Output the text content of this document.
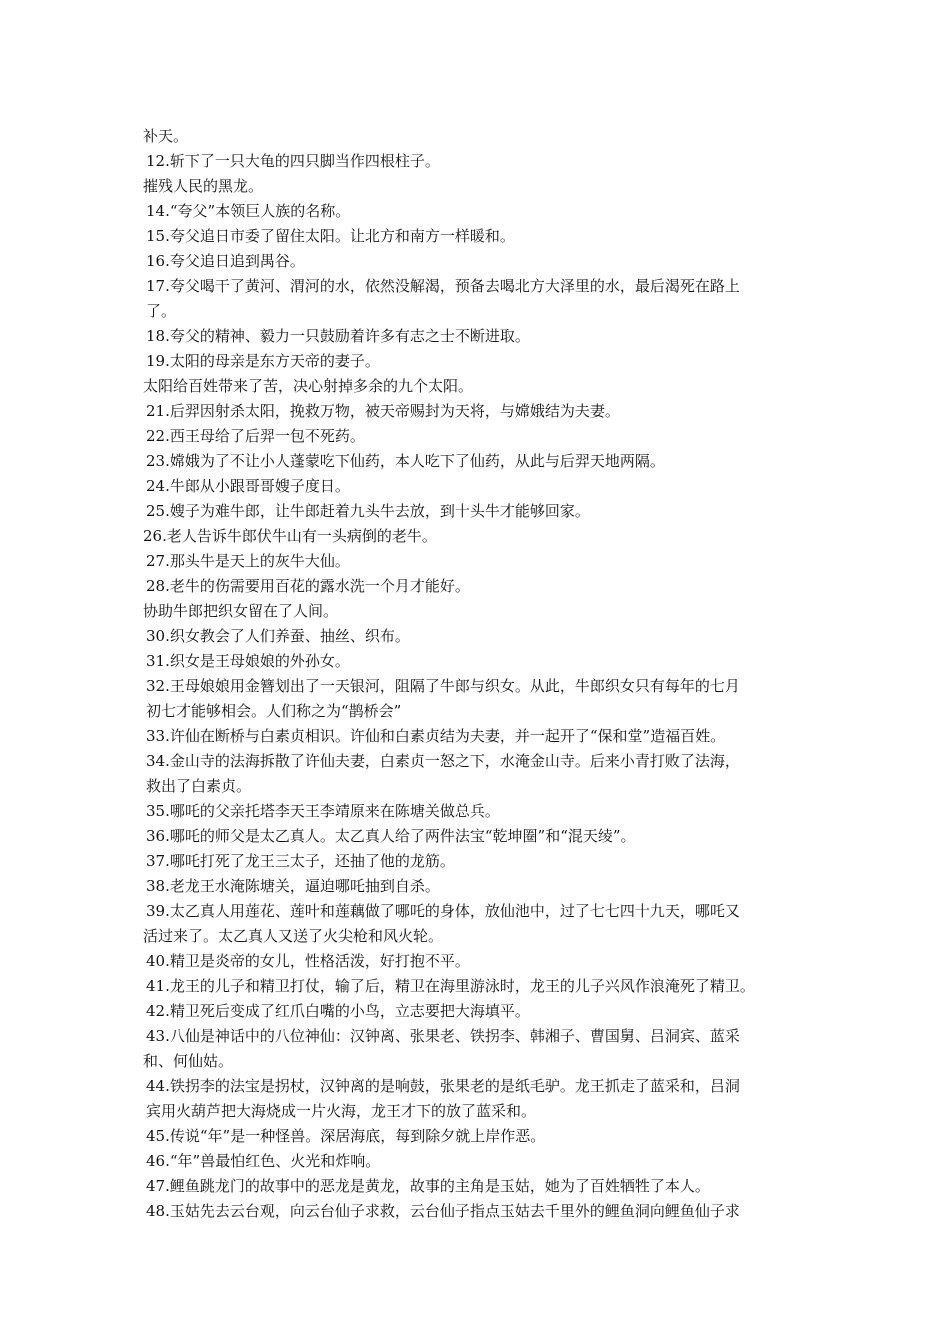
补天。
12.斩下了一只大龟的四只脚当作四根柱子。
摧残人民的黑龙。
14.“夸父”本领巨人族的名称。
15.夸父追日市委了留住太阳。让北方和南方一样暖和。
16.夸父追日追到禺谷。
17.夸父喝干了黄河、渭河的水，依然没解渴，预备去喝北方大泽里的水，最后渴死在路上
了。
18.夸父的精神、毅力一只鼓励着许多有志之士不断进取。
19.太阳的母亲是东方天帝的妻子。
太阳给百姓带来了苦，决心射掉多余的九个太阳。
21.后羿因射杀太阳，挽救万物，被天帝赐封为天将，与嫦娥结为夫妻。
22.西王母给了后羿一包不死药。
23.嫦娥为了不让小人蓬蒙吃下仙药，本人吃下了仙药，从此与后羿天地两隔。
24.牛郎从小跟哥哥嫂子度日。
25.嫂子为难牛郎，让牛郎赶着九头牛去放，到十头牛才能够回家。
26.老人告诉牛郎伏牛山有一头病倒的老牛。
27.那头牛是天上的灰牛大仙。
28.老牛的伤需要用百花的露水洗一个月才能好。
协助牛郎把织女留在了人间。
30.织女教会了人们养蚕、抽丝、织布。
31.织女是王母娘娘的外孙女。
32.王母娘娘用金簪划出了一天银河，阻隔了牛郎与织女。从此，牛郎织女只有每年的七月
初七才能够相会。人们称之为“鹊桥会”
33.许仙在断桥与白素贞相识。许仙和白素贞结为夫妻，并一起开了“保和堂”造福百姓。
34.金山寺的法海拆散了许仙夫妻，白素贞一怒之下，水淹金山寺。后来小青打败了法海，
救出了白素贞。
35.哪吒的父亲托塔李天王李靖原来在陈塘关做总兵。
36.哪吒的师父是太乙真人。太乙真人给了两件法宝“乾坤圈”和“混天绫”。
37.哪吒打死了龙王三太子，还抽了他的龙筋。
38.老龙王水淹陈塘关，逼迫哪吒抽到自杀。
39.太乙真人用莲花、莲叶和莲藕做了哪吒的身体，放仙池中，过了七七四十九天，哪吒又
活过来了。太乙真人又送了火尖枪和风火轮。
40.精卫是炎帝的女儿，性格活泼，好打抱不平。
41.龙王的儿子和精卫打仗，输了后，精卫在海里游泳时，龙王的儿子兴风作浪淹死了精卫。
42.精卫死后变成了红爪白嘴的小鸟，立志要把大海填平。
43.八仙是神话中的八位神仙：汉钟离、张果老、铁拐李、韩湘子、曹国舅、吕洞宾、蓝采
和、何仙姑。
44.铁拐李的法宝是拐杖，汉钟离的是响鼓，张果老的是纸毛驴。龙王抓走了蓝采和，吕洞
宾用火葫芦把大海烧成一片火海，龙王才下的放了蓝采和。
45.传说“年”是一种怪兽。深居海底，每到除夕就上岸作恶。
46.“年”兽最怕红色、火光和炸响。
47.鲤鱼跳龙门的故事中的恶龙是黄龙，故事的主角是玉姑，她为了百姓牺牲了本人。
48.玉姑先去云台观，向云台仙子求救，云台仙子指点玉姑去千里外的鲤鱼洞向鲤鱼仙子求
